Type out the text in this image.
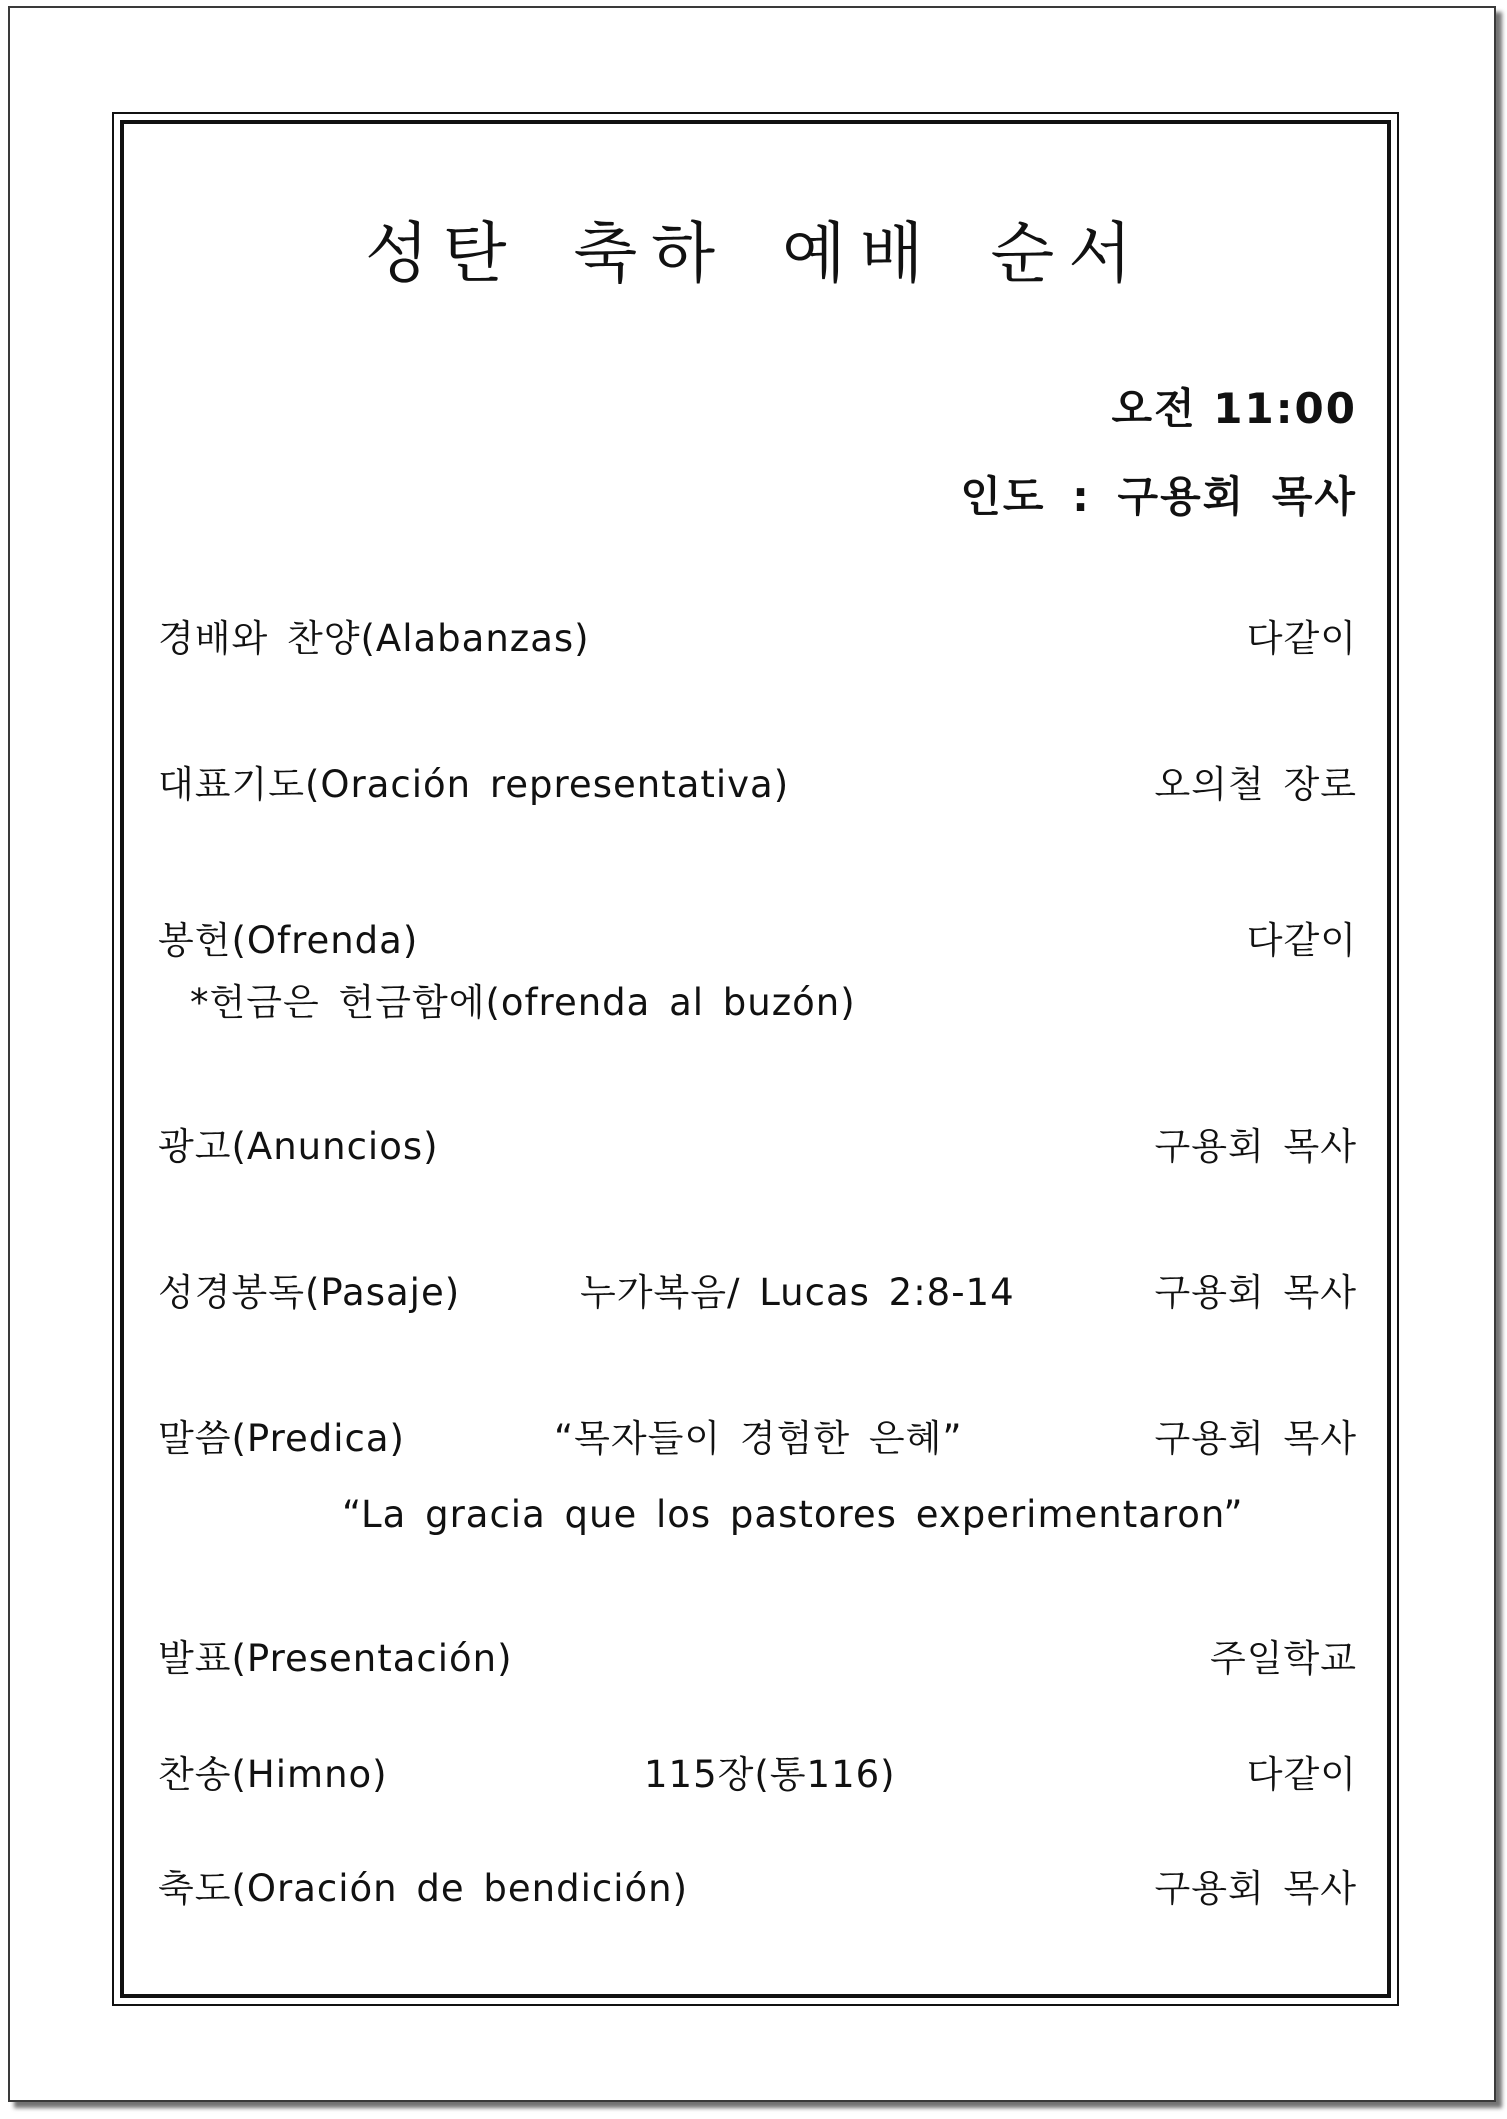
성탄 축하 예배 순서
오전 11:00
인도 : 구용회 목사
경배와 찬양(Alabanzas)	다같이
대표기도(Oración representativa)	오의철 장로
봉헌(Ofrenda)	다같이
*헌금은 헌금함에(ofrenda al buzón)
광고(Anuncios)	구용회 목사
성경봉독(Pasaje)	누가복음/ Lucas 2:8-14	구용회 목사
말씀(Predica)	“목자들이 경험한 은혜”	구용회 목사
“La gracia que los pastores experimentaron”
발표(Presentación)	주일학교
찬송(Himno)	115장(통116)	다같이
축도(Oración de bendición)	구용회 목사
